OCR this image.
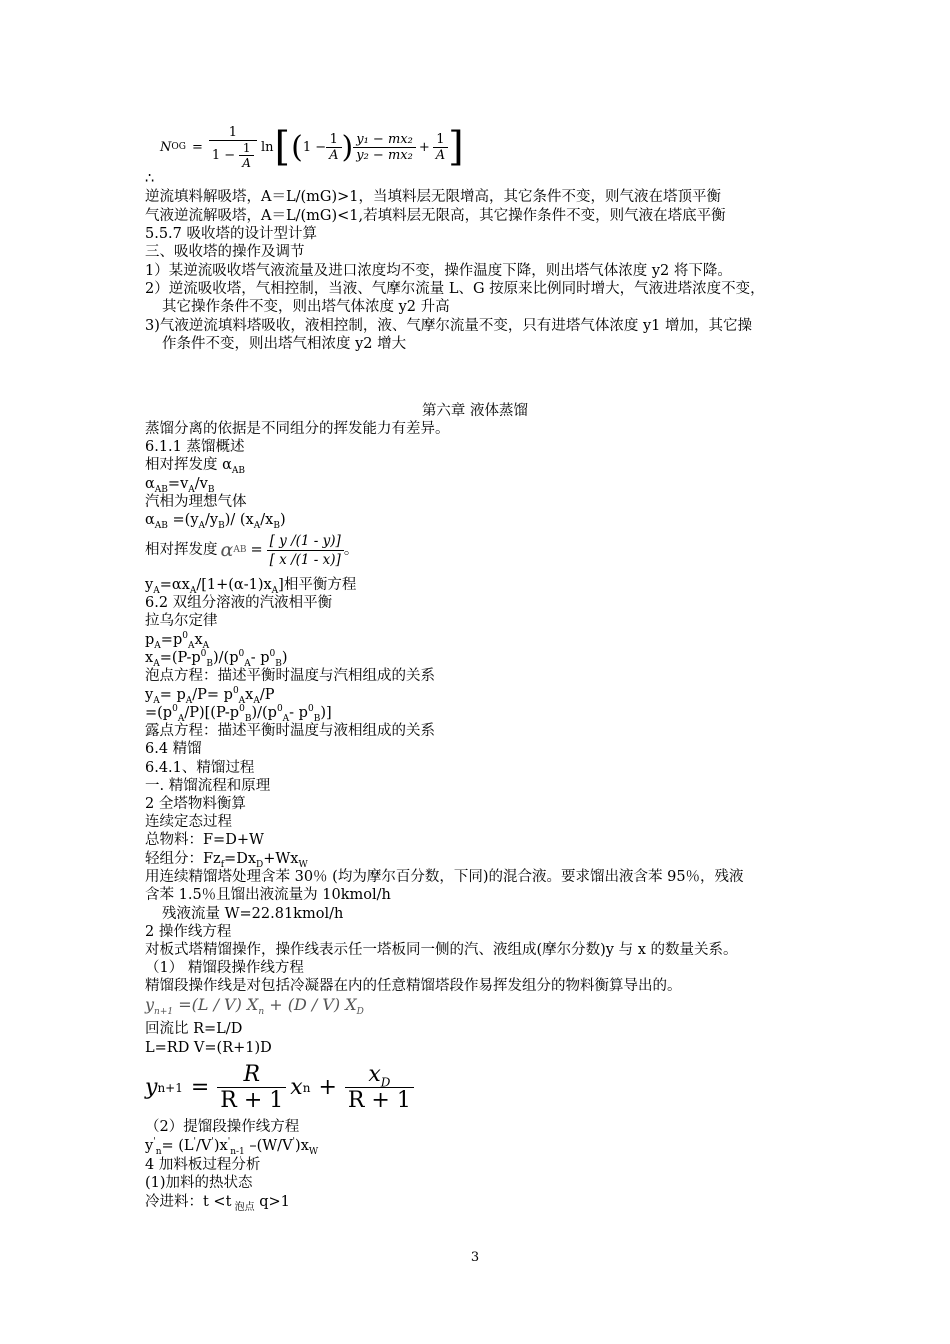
N OG = $\frac{1}{1 - \frac{1}{A}}$ ln [ ( $1 - \frac{1}{A}$ ) $\frac{\text{y₁ − mx₂}}{\text{y₂ − mx₂}} + \frac{1}{A}$ ]
∴
逆流填料解吸塔，A＝L/(mG)>1，当填料层无限增高，其它条件不变，则气液在塔顶平衡
气液逆流解吸塔，A＝L/(mG)<1,若填料层无限高，其它操作条件不变，则气液在塔底平衡
5.5.7 吸收塔的设计型计算
三、吸收塔的操作及调节
1）某逆流吸收塔气液流量及进口浓度均不变，操作温度下降，则出塔气体浓度 y2 将下降。
2）逆流吸收塔，气相控制，当液、气摩尔流量 L、G 按原来比例同时增大，气液进塔浓度不变，
其它操作条件不变，则出塔气体浓度 y2 升高
3)气液逆流填料塔吸收，液相控制，液、气摩尔流量不变，只有进塔气体浓度 y1 增加，其它操
作条件不变，则出塔气相浓度 y2 增大
第六章 液体蒸馏
蒸馏分离的依据是不同组分的挥发能力有差异。
6.1.1 蒸馏概述
相对挥发度 $\alpha_{AB}$
$\alpha_{AB}=v_A/v_B$
汽相为理想气体
$\alpha_{AB} =(y_A/y_B)/$ $(x_A/x_B)$
相对挥发度 α AB = $\frac{[ y /(1 - y)]}{[ x /(1 - x)]}$ 。
$y_A=\alpha x_A/[1+(\alpha-1)x_A]$相平衡方程
6.2 双组分溶液的汽液相平衡
拉乌尔定律
$p_A=p^0_Ax_A$
$x_A=(P-p^0_B)/(p^0_A-$ $p^0_B$)
泡点方程：描述平衡时温度与汽相组成的关系
$y_A= p_A/P= p^0_Ax_A/P$
$=(p^0_A/P)[(P-p^0_B)/(p^0_A-$ $p^0_B$)]
露点方程：描述平衡时温度与液相组成的关系
6.4 精馏
6.4.1、精馏过程
一. 精馏流程和原理
2 全塔物料衡算
连续定态过程
总物料：F=D+W
轻组分：$Fz_f=Dx_D+Wx_W$
用连续精馏塔处理含苯 30％ (均为摩尔百分数，下同)的混合液。要求馏出液含苯 95％，残液
含苯 1.5％且馏出液流量为 10kmol/h
残液流量 W=22.81kmol/h
2 操作线方程
对板式塔精馏操作，操作线表示任一塔板同一侧的汽、液组成(摩尔分数)y 与 x 的数量关系。
（1） 精馏段操作线方程
精馏段操作线是对包括冷凝器在内的任意精馏塔段作易挥发组分的物料衡算导出的。
$y_{n+1} =(L / V) X_n + (D / V)$ $X_D$
回流比 R=L/D
L=RD V=(R+1)D
y $n+1 = \frac{R}{R + 1}$ x $n + \frac{x_D}{R + 1}$
（2）提馏段操作线方程
$y'_n= (L'/V')x'_{n-1}$ $-(W/V')x_W$
4 加料板过程分析
(1)加料的热状态
冷进料：t <t $_{泡点}$ q>1
3
